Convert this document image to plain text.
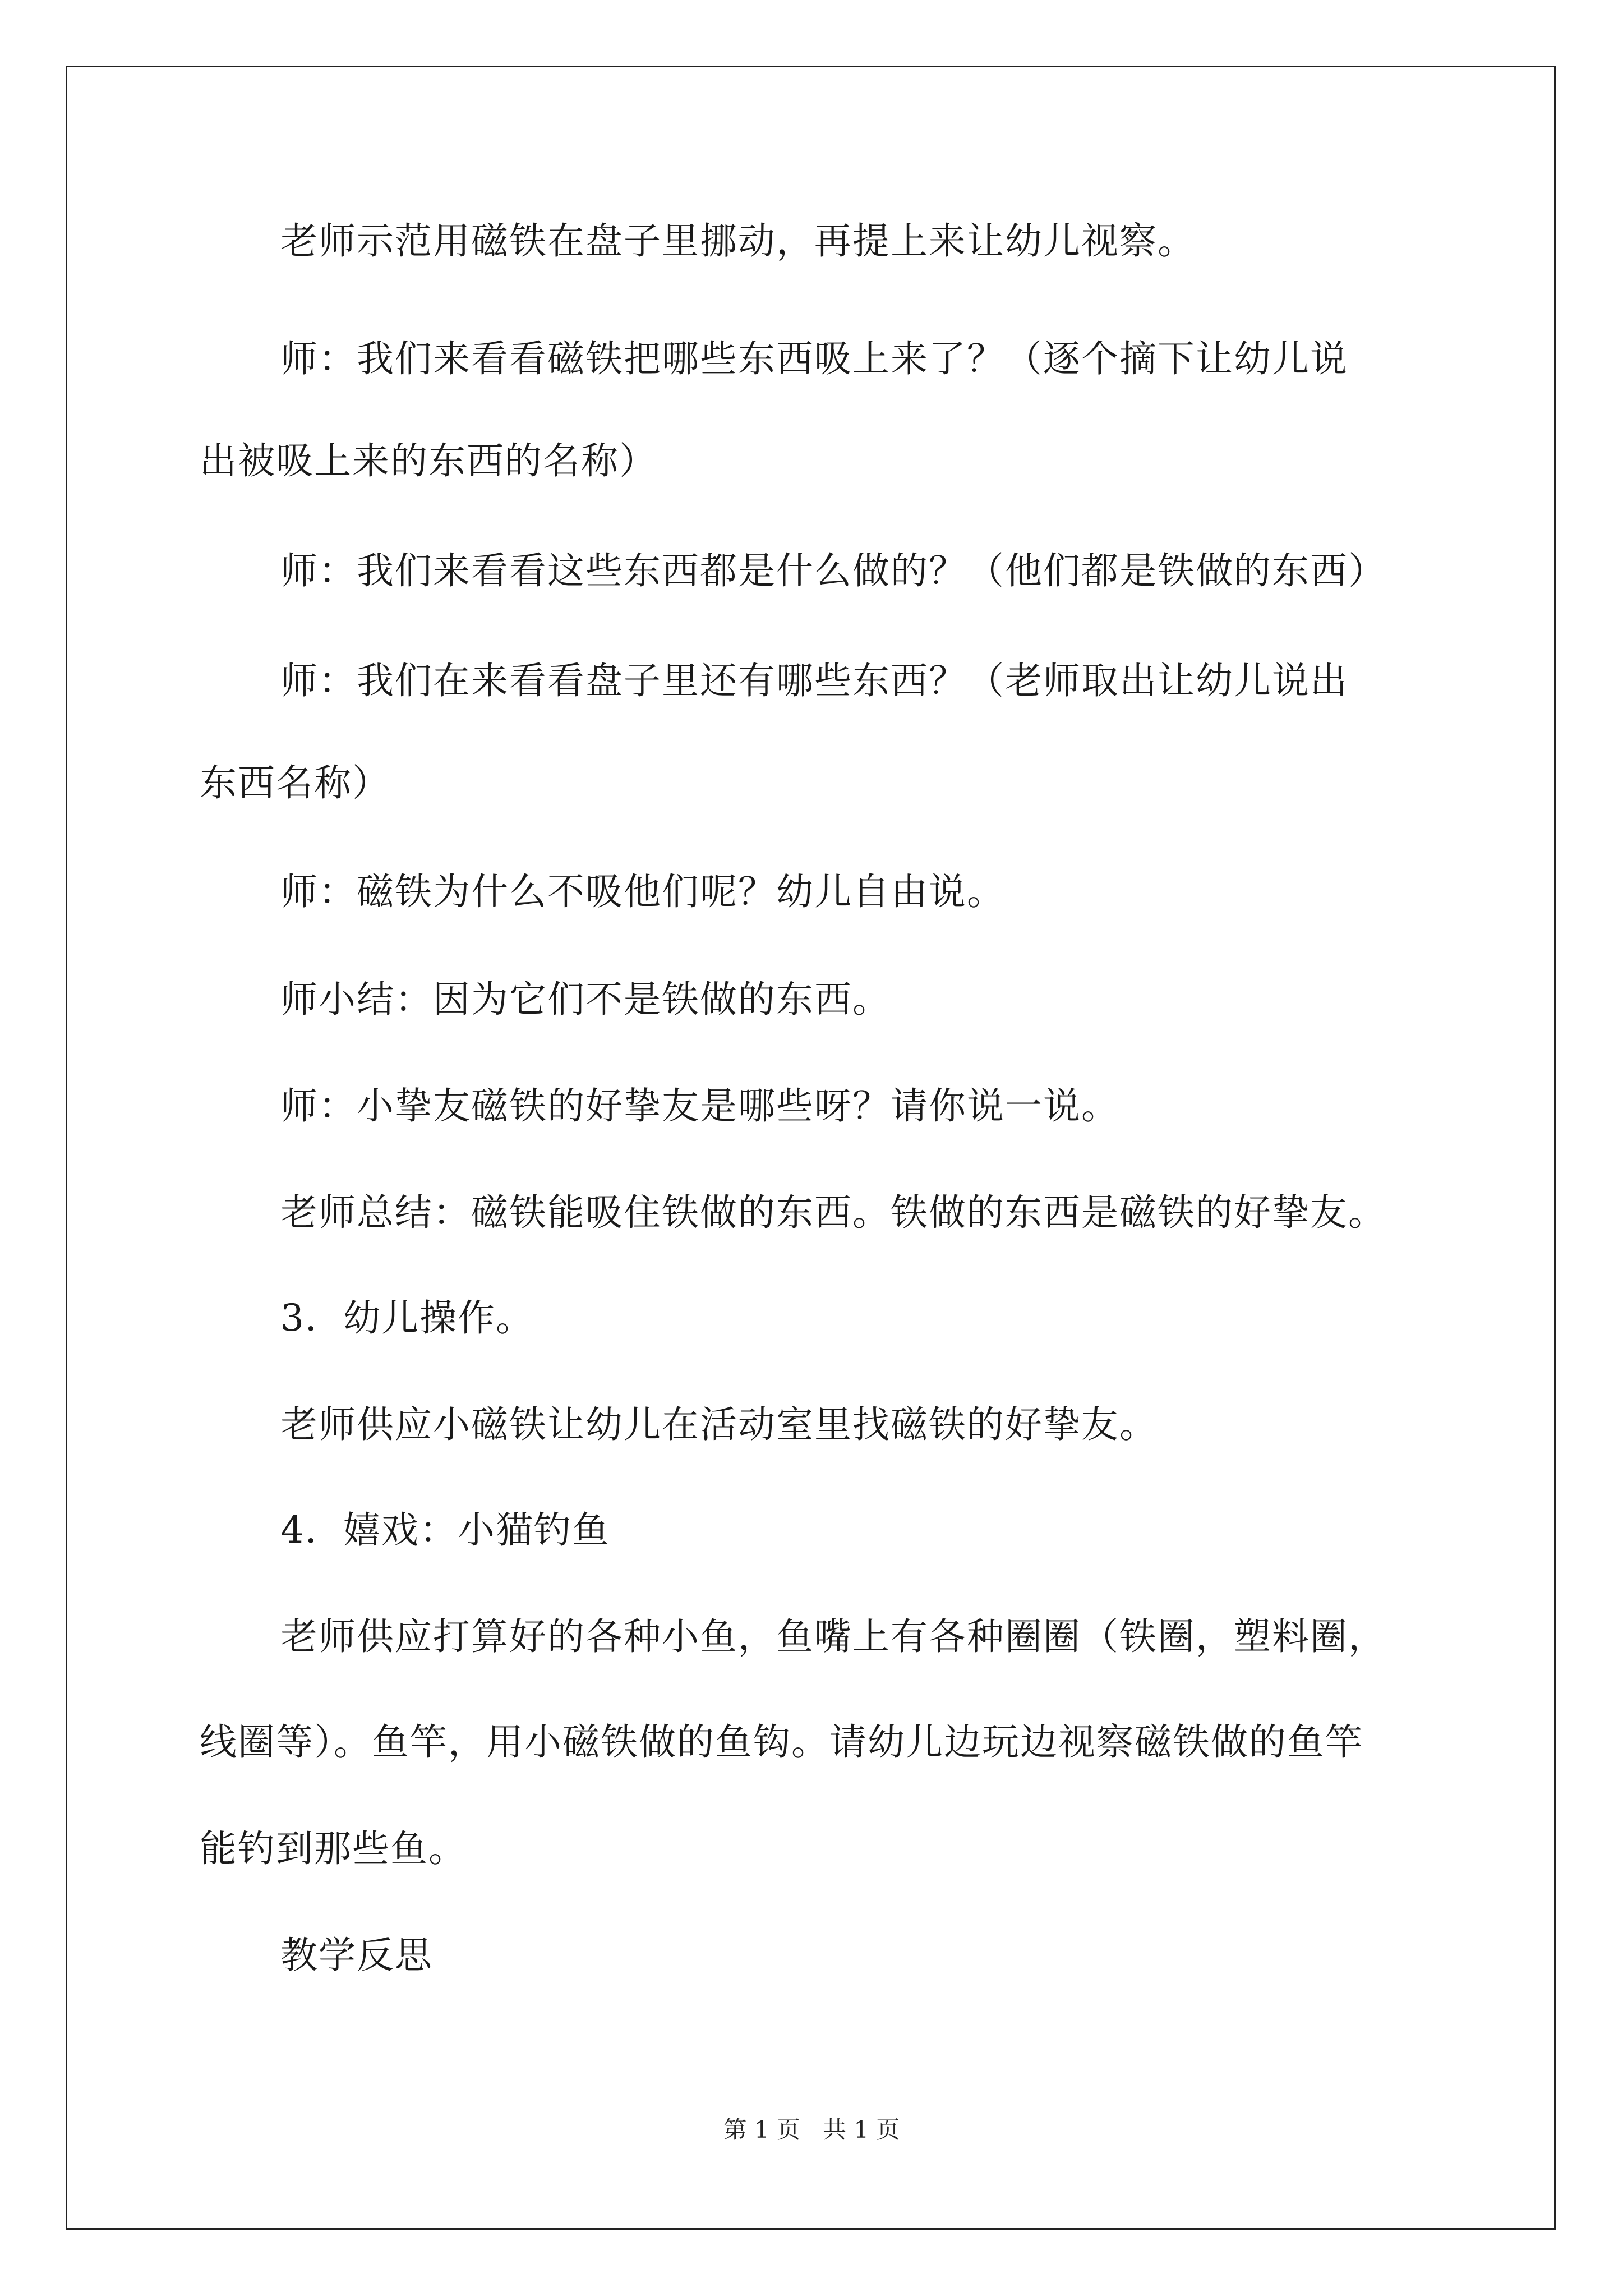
老师示范用磁铁在盘子里挪动，再提上来让幼儿视察。
师：我们来看看磁铁把哪些东西吸上来了？（逐个摘下让幼儿说
出被吸上来的东西的名称）
师：我们来看看这些东西都是什么做的？（他们都是铁做的东西）
师：我们在来看看盘子里还有哪些东西？（老师取出让幼儿说出
东西名称）
师：磁铁为什么不吸他们呢？幼儿自由说。
师小结：因为它们不是铁做的东西。
师：小挚友磁铁的好挚友是哪些呀？请你说一说。
老师总结：磁铁能吸住铁做的东西。铁做的东西是磁铁的好挚友。
3．幼儿操作。
老师供应小磁铁让幼儿在活动室里找磁铁的好挚友。
4．嬉戏：小猫钓鱼
老师供应打算好的各种小鱼，鱼嘴上有各种圈圈（铁圈，塑料圈，
线圈等）。鱼竿，用小磁铁做的鱼钩。请幼儿边玩边视察磁铁做的鱼竿
能钓到那些鱼。
教学反思
第 1 页 共 1 页
